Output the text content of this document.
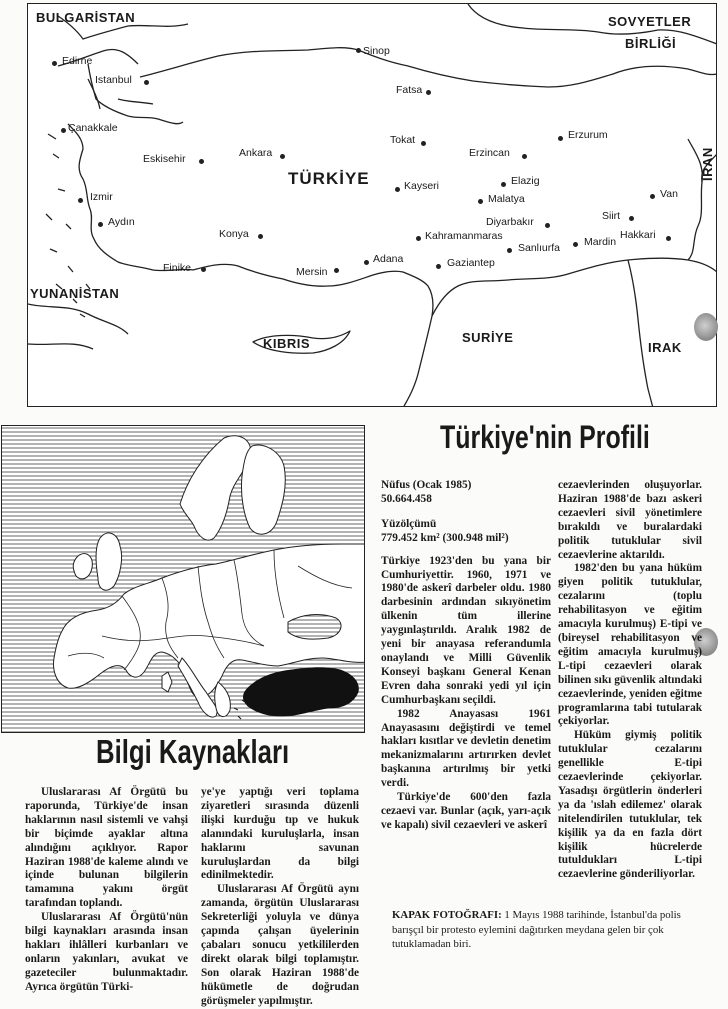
BULGARİSTAN	SOVYETLER
BİRLİĞİ
IRAN
YUNANİSTAN
KIBRIS	SURİYE
IRAK
TÜRKİYE
Edirne
Istanbul
Sinop
Fatsa
Çanakkale
Eskisehir	Ankara
Tokat
Erzincan
Erzurum
Izmir
Aydın
Kayseri	Elazig
Malatya	Van
Konya
Diyarbakır	Siirt
Kahramanmaras	Hakkari
Mardin
Sanlıurfa
Adana	Gaziantep
Finike	Mersin
Türkiye'nin Profili
Nüfus (Ocak 1985)
50.664.458
Yüzölçümü
779.452 km² (300.948 mil²)
Türkiye 1923'den bu yana bir Cumhuriyettir. 1960, 1971 ve 1980'de askerî darbeler oldu. 1980 darbesinin ardından sıkıyönetim ülkenin tüm illerine yaygınlaştırıldı. Aralık 1982 de yeni bir anayasa referandumla onaylandı ve Milli Güvenlik Konseyi başkanı General Kenan Evren daha sonraki yedi yıl için Cumhurbaşkanı seçildi.
1982 Anayasası 1961 Anayasasını değiştirdi ve temel hakları kısıtlar ve devletin denetim mekanizmalarını artırırken devlet başkanına artırılmış bir yetki verdi.
Türkiye'de 600'den fazla cezaevi var. Bunlar (açık, yarı-açık ve kapalı) sivil cezaevleri ve askerî
cezaevlerinden oluşuyorlar. Haziran 1988'de bazı askeri cezaevleri sivil yönetimlere bırakıldı ve buralardaki politik tutuklular sivil cezaevlerine aktarıldı.
1982'den bu yana hüküm giyen politik tutuklular, cezalarını (toplu rehabilitasyon ve eğitim amacıyla kurulmuş) E-tipi ve (bireysel rehabilitasyon ve eğitim amacıyla kurulmuş) L-tipi cezaevleri olarak bilinen sıkı güvenlik altındaki cezaevlerinde, yeniden eğitme programlarına tabi tutularak çekiyorlar.
Hüküm giymiş politik tutuklular cezalarını genellikle E-tipi cezaevlerinde çekiyorlar. Yasadışı örgütlerin önderleri ya da 'ıslah edilemez' olarak nitelendirilen tutuklular, tek kişilik ya da en fazla dört kişilik hücrelerde tutuldukları L-tipi cezaevlerine gönderiliyorlar.
Bilgi Kaynakları
Uluslararası Af Örgütü bu raporunda, Türkiye'de insan haklarının nasıl sistemli ve vahşi bir biçimde ayaklar altına alındığını açıklıyor. Rapor Haziran 1988'de kaleme alındı ve içinde bulunan bilgilerin tamamına yakını örgüt tarafından toplandı.
Uluslararası Af Örgütü'nün bilgi kaynakları arasında insan hakları ihlâlleri kurbanları ve onların yakınları, avukat ve gazeteciler bulunmaktadır. Ayrıca örgütün Türki-
ye'ye yaptığı veri toplama ziyaretleri sırasında düzenli ilişki kurduğu tıp ve hukuk alanındaki kuruluşlarla, insan haklarını savunan kuruluşlardan da bilgi edinilmektedir.
Uluslararası Af Örgütü aynı zamanda, örgütün Uluslararası Sekreterliği yoluyla ve dünya çapında çalışan üyelerinin çabaları sonucu yetkililerden direkt olarak bilgi toplamıştır. Son olarak Haziran 1988'de hükümetle de doğrudan görüşmeler yapılmıştır.
KAPAK FOTOĞRAFI: 1 Mayıs 1988 tarihinde, İstanbul'da polis barışçıl bir protesto eylemini dağıtırken meydana gelen bir çok tutuklamadan biri.
